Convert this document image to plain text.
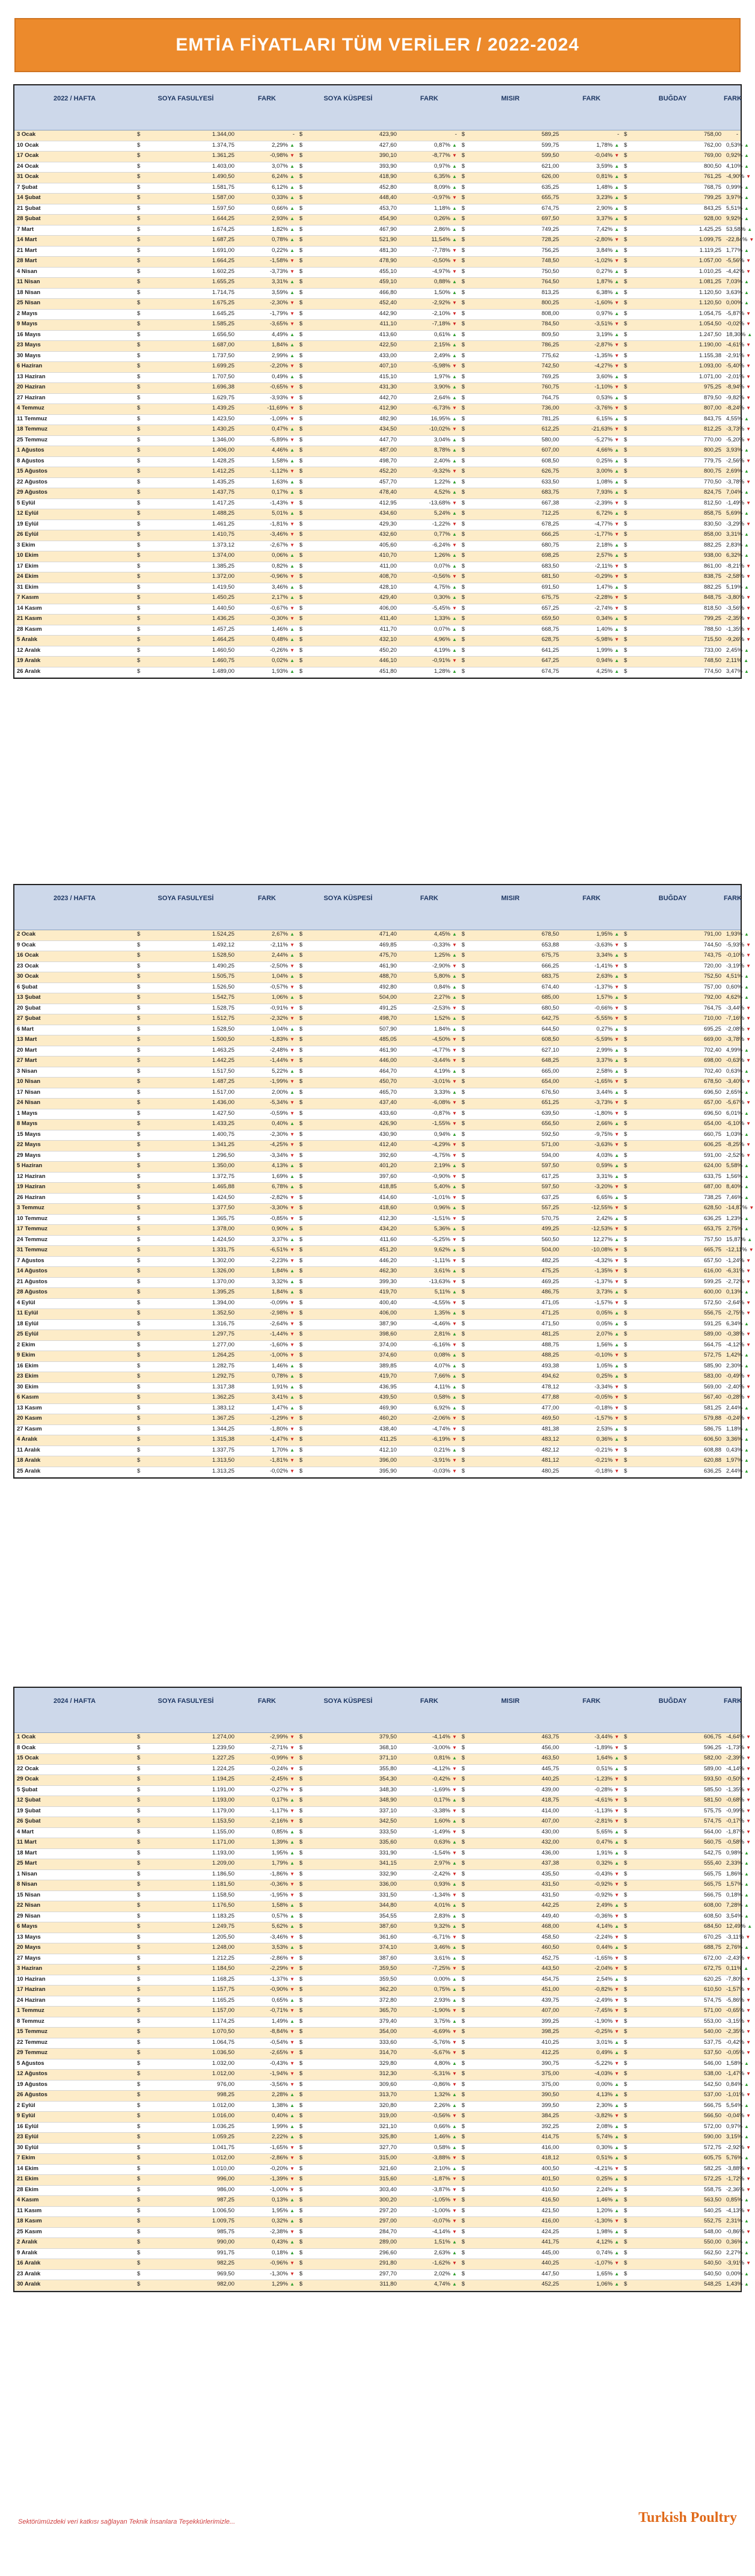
EMTİA FİYATLARI TÜM VERİLER / 2022-2024
2022 / HAFTA	SOYA FASULYESİ	FARK	SOYA KÜSPESİ	FARK	MISIR	FARK	BUĞDAY	FARK
3 Ocak	$	1.344,00	- $	423,90	- $	589,25	- $	758,00	-
10 Ocak	$	1.374,75	2,29% ▲ $	427,60	0,87% ▲ $	599,75	1,78% ▲ $	762,00 0,53% ▲
17 Ocak	$	1.361,25	-0,98% ▼ $	390,10	-8,77% ▼ $	599,50	-0,04% ▼ $	769,00 0,92% ▲
24 Ocak	$	1.403,00	3,07% ▲ $	393,90	0,97% ▲ $	621,00	3,59% ▲ $	800,50 4,10% ▲
31 Ocak	$	1.490,50	6,24% ▲ $	418,90	6,35% ▲ $	626,00	0,81% ▲ $	761,25 -4,90% ▼
7 Şubat	$	1.581,75	6,12% ▲ $	452,80	8,09% ▲ $	635,25	1,48% ▲ $	768,75 0,99% ▲
14 Şubat	$	1.587,00	0,33% ▲ $	448,40	-0,97% ▼ $	655,75	3,23% ▲ $	799,25 3,97% ▲
21 Şubat	$	1.597,50	0,66% ▲ $	453,70	1,18% ▲ $	674,75	2,90% ▲ $	843,25 5,51% ▲
28 Şubat	$	1.644,25	2,93% ▲ $	454,90	0,26% ▲ $	697,50	3,37% ▲ $	928,00 9,92% ▲
7 Mart	$	1.674,25	1,82% ▲ $	467,90	2,86% ▲ $	749,25	7,42% ▲ $	1.425,25 53,58% ▲
14 Mart	$	1.687,25	0,78% ▲ $	521,90	11,54% ▲ $	728,25	-2,80% ▼ $	1.099,75 -22,84% ▼
21 Mart	$	1.691,00	0,22% ▲ $	481,30	-7,78% ▼ $	756,25	3,84% ▲ $	1.119,25 1,77% ▲
28 Mart	$	1.664,25	-1,58% ▼ $	478,90	-0,50% ▼ $	748,50	-1,02% ▼ $	1.057,00 -5,56% ▼
4 Nisan	$	1.602,25	-3,73% ▼ $	455,10	-4,97% ▼ $	750,50	0,27% ▲ $	1.010,25 -4,42% ▼
11 Nisan	$	1.655,25	3,31% ▲ $	459,10	0,88% ▲ $	764,50	1,87% ▲ $	1.081,25 7,03% ▲
18 Nisan	$	1.714,75	3,59% ▲ $	466,80	1,50% ▲ $	813,25	6,38% ▲ $	1.120,50 3,63% ▲
25 Nisan	$	1.675,25	-2,30% ▼ $	452,40	-2,92% ▼ $	800,25	-1,60% ▼ $	1.120,50 0,00% ▲
2 Mayıs	$	1.645,25	-1,79% ▼ $	442,90	-2,10% ▼ $	808,00	0,97% ▲ $	1.054,75 -5,87% ▼
9 Mayıs	$	1.585,25	-3,65% ▼ $	411,10	-7,18% ▼ $	784,50	-3,51% ▼ $	1.054,50 -0,02% ▼
16 Mayıs	$	1.656,50	4,49% ▲ $	413,60	0,61% ▲ $	809,50	3,19% ▲ $	1.247,50 18,30% ▲
23 Mayıs	$	1.687,00	1,84% ▲ $	422,50	2,15% ▲ $	786,25	-2,87% ▼ $	1.190,00 -4,61% ▼
30 Mayıs	$	1.737,50	2,99% ▲ $	433,00	2,49% ▲ $	775,62	-1,35% ▼ $	1.155,38 -2,91% ▼
6 Haziran	$	1.699,25	-2,20% ▼ $	407,10	-5,98% ▼ $	742,50	-4,27% ▼ $	1.093,00 -5,40% ▼
13 Haziran	$	1.707,50	0,49% ▲ $	415,10	1,97% ▲ $	769,25	3,60% ▲ $	1.071,00 -2,01% ▼
20 Haziran	$	1.696,38	-0,65% ▼ $	431,30	3,90% ▲ $	760,75	-1,10% ▼ $	975,25 -8,94% ▼
27 Haziran	$	1.629,75	-3,93% ▼ $	442,70	2,64% ▲ $	764,75	0,53% ▲ $	879,50 -9,82% ▼
4 Temmuz	$	1.439,25	-11,69% ▼ $	412,90	-6,73% ▼ $	736,00	-3,76% ▼ $	807,00 -8,24% ▼
11 Temmuz	$	1.423,50	-1,09% ▼ $	482,90	16,95% ▲ $	781,25	6,15% ▲ $	843,75 4,55% ▲
18 Temmuz	$	1.430,25	0,47% ▲ $	434,50	-10,02% ▼ $	612,25	-21,63% ▼ $	812,25 -3,73% ▼
25 Temmuz	$	1.346,00	-5,89% ▼ $	447,70	3,04% ▲ $	580,00	-5,27% ▼ $	770,00 -5,20% ▼
1 Ağustos	$	1.406,00	4,46% ▲ $	487,00	8,78% ▲ $	607,00	4,66% ▲ $	800,25 3,93% ▲
8 Ağustos	$	1.428,25	1,58% ▲ $	498,70	2,40% ▲ $	608,50	0,25% ▲ $	779,75 -2,56% ▼
15 Ağustos	$	1.412,25	-1,12% ▼ $	452,20	-9,32% ▼ $	626,75	3,00% ▲ $	800,75 2,69% ▲
22 Ağustos	$	1.435,25	1,63% ▲ $	457,70	1,22% ▲ $	633,50	1,08% ▲ $	770,50 -3,78% ▼
29 Ağustos	$	1.437,75	0,17% ▲ $	478,40	4,52% ▲ $	683,75	7,93% ▲ $	824,75 7,04% ▲
5 Eylül	$	1.417,25	-1,43% ▼ $	412,95	-13,68% ▼ $	667,38	-2,39% ▼ $	812,50 -1,49% ▼
12 Eylül	$	1.488,25	5,01% ▲ $	434,60	5,24% ▲ $	712,25	6,72% ▲ $	858,75 5,69% ▲
19 Eylül	$	1.461,25	-1,81% ▼ $	429,30	-1,22% ▼ $	678,25	-4,77% ▼ $	830,50 -3,29% ▼
26 Eylül	$	1.410,75	-3,46% ▼ $	432,60	0,77% ▲ $	666,25	-1,77% ▼ $	858,00 3,31% ▲
3 Ekim	$	1.373,12	-2,67% ▼ $	405,60	-6,24% ▼ $	680,75	2,18% ▲ $	882,25 2,83% ▲
10 Ekim	$	1.374,00	0,06% ▲ $	410,70	1,26% ▲ $	698,25	2,57% ▲ $	938,00 6,32% ▲
17 Ekim	$	1.385,25	0,82% ▲ $	411,00	0,07% ▲ $	683,50	-2,11% ▼ $	861,00 -8,21% ▼
24 Ekim	$	1.372,00	-0,96% ▼ $	408,70	-0,56% ▼ $	681,50	-0,29% ▼ $	838,75 -2,58% ▼
31 Ekim	$	1.419,50	3,46% ▲ $	428,10	4,75% ▲ $	691,50	1,47% ▲ $	882,25 5,19% ▲
7 Kasım	$	1.450,25	2,17% ▲ $	429,40	0,30% ▲ $	675,75	-2,28% ▼ $	848,75 -3,80% ▼
14 Kasım	$	1.440,50	-0,67% ▼ $	406,00	-5,45% ▼ $	657,25	-2,74% ▼ $	818,50 -3,56% ▼
21 Kasım	$	1.436,25	-0,30% ▼ $	411,40	1,33% ▲ $	659,50	0,34% ▲ $	799,25 -2,35% ▼
28 Kasım	$	1.457,25	1,46% ▲ $	411,70	0,07% ▲ $	668,75	1,40% ▲ $	788,50 -1,35% ▼
5 Aralık	$	1.464,25	0,48% ▲ $	432,10	4,96% ▲ $	628,75	-5,98% ▼ $	715,50 -9,26% ▼
12 Aralık	$	1.460,50	-0,26% ▼ $	450,20	4,19% ▲ $	641,25	1,99% ▲ $	733,00 2,45% ▲
19 Aralık	$	1.460,75	0,02% ▲ $	446,10	-0,91% ▼ $	647,25	0,94% ▲ $	748,50 2,11% ▲
26 Aralık	$	1.489,00	1,93% ▲ $	451,80	1,28% ▲ $	674,75	4,25% ▲ $	774,50 3,47% ▲
2023 / HAFTA	SOYA FASULYESİ	FARK	SOYA KÜSPESİ	FARK	MISIR	FARK	BUĞDAY	FARK
2 Ocak	$	1.524,25	2,67% ▲ $	471,40	4,45% ▲ $	678,50	1,95% ▲ $	791,00 1,93% ▲
9 Ocak	$	1.492,12	-2,11% ▼ $	469,85	-0,33% ▼ $	653,88	-3,63% ▼ $	744,50 -5,93% ▼
16 Ocak	$	1.528,50	2,44% ▲ $	475,70	1,25% ▲ $	675,75	3,34% ▲ $	743,75 -0,10% ▼
23 Ocak	$	1.490,25	-2,50% ▼ $	461,90	-2,90% ▼ $	666,25	-1,41% ▼ $	720,00 -3,19% ▼
30 Ocak	$	1.505,75	1,04% ▲ $	488,70	5,80% ▲ $	683,75	2,63% ▲ $	752,50 4,51% ▲
6 Şubat	$	1.526,50	-0,57% ▼ $	492,80	0,84% ▲ $	674,40	-1,37% ▼ $	757,00 0,60% ▲
13 Şubat	$	1.542,75	1,06% ▲ $	504,00	2,27% ▲ $	685,00	1,57% ▲ $	792,00 4,62% ▲
20 Şubat	$	1.528,75	-0,91% ▼ $	491,25	-2,53% ▼ $	680,50	-0,66% ▼ $	764,75 -3,44% ▼
27 Şubat	$	1.512,75	-2,32% ▼ $	498,70	1,52% ▲ $	642,75	-5,55% ▼ $	710,00 -7,16% ▼
6 Mart	$	1.528,50	1,04% ▲ $	507,90	1,84% ▲ $	644,50	0,27% ▲ $	695,25 -2,08% ▼
13 Mart	$	1.500,50	-1,83% ▼ $	485,05	-4,50% ▼ $	608,50	-5,59% ▼ $	669,00 -3,78% ▼
20 Mart	$	1.463,25	-2,48% ▼ $	461,90	-4,77% ▼ $	627,10	2,99% ▲ $	702,40 4,99% ▲
27 Mart	$	1.442,25	-1,44% ▼ $	446,00	-3,44% ▼ $	648,25	3,37% ▲ $	698,00 -0,63% ▼
3 Nisan	$	1.517,50	5,22% ▲ $	464,70	4,19% ▲ $	665,00	2,58% ▲ $	702,40 0,63% ▲
10 Nisan	$	1.487,25	-1,99% ▼ $	450,70	-3,01% ▼ $	654,00	-1,65% ▼ $	678,50 -3,40% ▼
17 Nisan	$	1.517,00	2,00% ▲ $	465,70	3,33% ▲ $	676,50	3,44% ▲ $	696,50 2,65% ▲
24 Nisan	$	1.436,00	-5,34% ▼ $	437,40	-6,08% ▼ $	651,25	-3,73% ▼ $	657,00 -5,67% ▼
1 Mayıs	$	1.427,50	-0,59% ▼ $	433,60	-0,87% ▼ $	639,50	-1,80% ▼ $	696,50 6,01% ▲
8 Mayıs	$	1.433,25	0,40% ▲ $	426,90	-1,55% ▼ $	656,50	2,66% ▲ $	654,00 -6,10% ▼
15 Mayıs	$	1.400,75	-2,30% ▼ $	430,90	0,94% ▲ $	592,50	-9,75% ▼ $	660,75 1,03% ▲
22 Mayıs	$	1.341,25	-4,25% ▼ $	412,40	-4,29% ▼ $	571,00	-3,63% ▼ $	606,25 -8,25% ▼
29 Mayıs	$	1.296,50	-3,34% ▼ $	392,60	-4,75% ▼ $	594,00	4,03% ▲ $	591,00 -2,52% ▼
5 Haziran	$	1.350,00	4,13% ▲ $	401,20	2,19% ▲ $	597,50	0,59% ▲ $	624,00 5,58% ▲
12 Haziran	$	1.372,75	1,69% ▲ $	397,60	-0,90% ▼ $	617,25	3,31% ▲ $	633,75 1,56% ▲
19 Haziran	$	1.465,88	6,78% ▲ $	418,85	5,40% ▲ $	597,50	-3,20% ▼ $	687,00 8,40% ▲
26 Haziran	$	1.424,50	-2,82% ▼ $	414,60	-1,01% ▼ $	637,25	6,65% ▲ $	738,25 7,46% ▲
3 Temmuz	$	1.377,50	-3,30% ▼ $	418,60	0,96% ▲ $	557,25	-12,55% ▼ $	628,50 -14,87% ▼
10 Temmuz	$	1.365,75	-0,85% ▼ $	412,30	-1,51% ▼ $	570,75	2,42% ▲ $	636,25 1,23% ▲
17 Temmuz	$	1.378,00	0,90% ▲ $	434,20	5,36% ▲ $	499,25	-12,53% ▼ $	653,75 2,75% ▲
24 Temmuz	$	1.424,50	3,37% ▲ $	411,60	-5,25% ▼ $	560,50	12,27% ▲ $	757,50 15,87% ▲
31 Temmuz	$	1.331,75	-6,51% ▼ $	451,20	9,62% ▲ $	504,00	-10,08% ▼ $	665,75 -12,11% ▼
7 Ağustos	$	1.302,00	-2,23% ▼ $	446,20	-1,11% ▼ $	482,25	-4,32% ▼ $	657,50 -1,24% ▼
14 Ağustos	$	1.326,00	1,84% ▲ $	462,30	3,61% ▲ $	475,25	-1,35% ▼ $	616,00 -6,31% ▼
21 Ağustos	$	1.370,00	3,32% ▲ $	399,30	-13,63% ▼ $	469,25	-1,37% ▼ $	599,25 -2,72% ▼
28 Ağustos	$	1.395,25	1,84% ▲ $	419,70	5,11% ▲ $	486,75	3,73% ▲ $	600,00 0,13% ▲
4 Eylül	$	1.394,00	-0,09% ▼ $	400,40	-4,55% ▼ $	471,05	-1,57% ▼ $	572,50 -2,64% ▼
11 Eylül	$	1.352,50	-2,98% ▼ $	406,00	1,35% ▲ $	471,25	0,05% ▲ $	556,75 -2,75% ▼
18 Eylül	$	1.316,75	-2,64% ▼ $	387,90	-4,46% ▼ $	471,50	0,05% ▲ $	591,25 6,34% ▲
25 Eylül	$	1.297,75	-1,44% ▼ $	398,60	2,81% ▲ $	481,25	2,07% ▲ $	589,00 -0,38% ▼
2 Ekim	$	1.277,00	-1,60% ▼ $	374,00	-6,16% ▼ $	488,75	1,56% ▲ $	564,75 -4,12% ▼
9 Ekim	$	1.264,25	-1,00% ▼ $	374,60	0,08% ▲ $	488,25	-0,10% ▼ $	572,75 1,42% ▲
16 Ekim	$	1.282,75	1,46% ▲ $	389,85	4,07% ▲ $	493,38	1,05% ▲ $	585,90 2,30% ▲
23 Ekim	$	1.292,75	0,78% ▲ $	419,70	7,66% ▲ $	494,62	0,25% ▲ $	583,00 -0,49% ▼
30 Ekim	$	1.317,38	1,91% ▲ $	436,95	4,11% ▲ $	478,12	-3,34% ▼ $	569,00 -2,40% ▼
6 Kasım	$	1.362,25	3,41% ▲ $	439,50	0,58% ▲ $	477,88	-0,05% ▼ $	567,40 -0,28% ▼
13 Kasım	$	1.383,12	1,47% ▲ $	469,90	6,92% ▲ $	477,00	-0,18% ▼ $	581,25 2,44% ▲
20 Kasım	$	1.367,25	-1,29% ▼ $	460,20	-2,06% ▼ $	469,50	-1,57% ▼ $	579,88 -0,24% ▼
27 Kasım	$	1.344,25	-1,80% ▼ $	438,40	-4,74% ▼ $	481,38	2,53% ▲ $	586,75 1,18% ▲
4 Aralık	$	1.315,38	-1,47% ▼ $	411,25	-6,19% ▼ $	483,12	0,36% ▲ $	606,50 3,36% ▲
11 Aralık	$	1.337,75	1,70% ▲ $	412,10	0,21% ▲ $	482,12	-0,21% ▼ $	608,88 0,43% ▲
18 Aralık	$	1.313,50	-1,81% ▼ $	396,00	-3,91% ▼ $	481,12	-0,21% ▼ $	620,88 1,97% ▲
25 Aralık	$	1.313,25	-0,02% ▼ $	395,90	-0,03% ▼ $	480,25	-0,18% ▼ $	636,25 2,44% ▲
2024 / HAFTA	SOYA FASULYESİ	FARK	SOYA KÜSPESİ	FARK	MISIR	FARK	BUĞDAY	FARK
1 Ocak	$	1.274,00	-2,99% ▼ $	379,50	-4,14% ▼ $	463,75	-3,44% ▼ $	606,75 -4,64% ▼
8 Ocak	$	1.239,50	-2,71% ▼ $	368,10	-3,00% ▼ $	456,00	-1,89% ▼ $	596,25 -1,73% ▼
15 Ocak	$	1.227,25	-0,99% ▼ $	371,10	0,81% ▲ $	463,50	1,64% ▲ $	582,00 -2,39% ▼
22 Ocak	$	1.224,25	-0,24% ▼ $	355,80	-4,12% ▼ $	445,75	0,51% ▲ $	589,00 -4,14% ▼
29 Ocak	$	1.194,25	-2,45% ▼ $	354,30	-0,42% ▼ $	440,25	-1,23% ▼ $	593,50 -0,50% ▼
5 Şubat	$	1.191,00	-0,27% ▼ $	348,30	-1,69% ▼ $	439,00	-0,28% ▼ $	585,50 -1,35% ▼
12 Şubat	$	1.193,00	0,17% ▲ $	348,90	0,17% ▲ $	418,75	-4,61% ▼ $	581,50 -0,68% ▼
19 Şubat	$	1.179,00	-1,17% ▼ $	337,10	-3,38% ▼ $	414,00	-1,13% ▼ $	575,75 -0,99% ▼
26 Şubat	$	1.153,50	-2,16% ▼ $	342,50	1,60% ▲ $	407,00	-2,81% ▼ $	574,75 -0,17% ▼
4 Mart	$	1.155,00	0,85% ▲ $	333,50	-1,49% ▼ $	430,00	5,65% ▲ $	564,00 -1,87% ▼
11 Mart	$	1.171,00	1,39% ▲ $	335,60	0,63% ▲ $	432,00	0,47% ▲ $	560,75 -0,58% ▼
18 Mart	$	1.193,00	1,95% ▲ $	331,90	-1,54% ▼ $	436,00	1,91% ▲ $	542,75 0,98% ▲
25 Mart	$	1.209,00	1,79% ▲ $	341,15	2,97% ▲ $	437,38	0,32% ▲ $	555,40 2,33% ▲
1 Nisan	$	1.186,50	-1,86% ▼ $	332,90	-2,42% ▼ $	435,50	-0,43% ▼ $	565,75 1,86% ▲
8 Nisan	$	1.181,50	-0,36% ▼ $	336,00	0,93% ▲ $	431,50	-0,92% ▼ $	565,75 1,57% ▲
15 Nisan	$	1.158,50	-1,95% ▼ $	331,50	-1,34% ▼ $	431,50	-0,92% ▼ $	566,75 0,18% ▲
22 Nisan	$	1.176,50	1,58% ▲ $	344,80	4,01% ▲ $	442,25	2,49% ▲ $	608,00 7,28% ▲
29 Nisan	$	1.183,25	0,57% ▲ $	354,55	2,83% ▲ $	449,40	-0,36% ▼ $	608,50 3,54% ▲
6 Mayıs	$	1.249,75	5,62% ▲ $	387,60	9,32% ▲ $	468,00	4,14% ▲ $	684,50 12,49% ▲
13 Mayıs	$	1.205,50	-3,46% ▼ $	361,60	-6,71% ▼ $	458,50	-2,24% ▼ $	670,25 -3,11% ▼
20 Mayıs	$	1.248,00	3,53% ▲ $	374,10	3,46% ▲ $	460,50	0,44% ▲ $	688,75 2,76% ▲
27 Mayıs	$	1.212,25	-2,86% ▼ $	387,60	3,61% ▲ $	452,75	-1,65% ▼ $	672,00 -2,43% ▼
3 Haziran	$	1.184,50	-2,29% ▼ $	359,50	-7,25% ▼ $	443,50	-2,04% ▼ $	672,75 0,11% ▲
10 Haziran	$	1.168,25	-1,37% ▼ $	359,50	0,00% ▲ $	454,75	2,54% ▲ $	620,25 -7,80% ▼
17 Haziran	$	1.157,75	-0,90% ▼ $	362,20	0,75% ▲ $	451,00	-0,82% ▼ $	610,50 -1,57% ▼
24 Haziran	$	1.165,25	0,65% ▲ $	372,80	2,93% ▲ $	439,75	-2,49% ▼ $	574,75 -5,86% ▼
1 Temmuz	$	1.157,00	-0,71% ▼ $	365,70	-1,90% ▼ $	407,00	-7,45% ▼ $	571,00 -0,65% ▼
8 Temmuz	$	1.174,25	1,49% ▲ $	379,40	3,75% ▲ $	399,25	-1,90% ▼ $	553,00 -3,15% ▼
15 Temmuz	$	1.070,50	-8,84% ▼ $	354,00	-6,69% ▼ $	398,25	-0,25% ▼ $	540,00 -2,35% ▼
22 Temmuz	$	1.064,75	-0,54% ▼ $	333,60	-5,76% ▼ $	410,25	3,01% ▲ $	537,75 -0,42% ▼
29 Temmuz	$	1.036,50	-2,65% ▼ $	314,70	-5,67% ▼ $	412,25	0,49% ▲ $	537,50 -0,05% ▼
5 Ağustos	$	1.032,00	-0,43% ▼ $	329,80	4,80% ▲ $	390,75	-5,22% ▼ $	546,00 1,58% ▲
12 Ağustos	$	1.012,00	-1,94% ▼ $	312,30	-5,31% ▼ $	375,00	-4,03% ▼ $	538,00 -1,47% ▼
19 Ağustos	$	976,00	-3,56% ▼ $	309,60	-0,86% ▼ $	375,00	0,00% ▲ $	542,50 0,84% ▲
26 Ağustos	$	998,25	2,28% ▲ $	313,70	1,32% ▲ $	390,50	4,13% ▲ $	537,00 -1,01% ▼
2 Eylül	$	1.012,00	1,38% ▲ $	320,80	2,26% ▲ $	399,50	2,30% ▲ $	566,75 5,54% ▲
9 Eylül	$	1.016,00	0,40% ▲ $	319,00	-0,56% ▼ $	384,25	-3,82% ▼ $	566,50 -0,04% ▼
16 Eylül	$	1.036,25	1,99% ▲ $	321,10	0,66% ▲ $	392,25	2,08% ▲ $	572,00 0,97% ▲
23 Eylül	$	1.059,25	2,22% ▲ $	325,80	1,46% ▲ $	414,75	5,74% ▲ $	590,00 3,15% ▲
30 Eylül	$	1.041,75	-1,65% ▼ $	327,70	0,58% ▲ $	416,00	0,30% ▲ $	572,75 -2,92% ▼
7 Ekim	$	1.012,00	-2,86% ▼ $	315,00	-3,88% ▼ $	418,12	0,51% ▲ $	605,75 5,76% ▲
14 Ekim	$	1.010,00	-0,20% ▼ $	321,60	2,10% ▲ $	400,50	-4,21% ▼ $	582,25 -3,88% ▼
21 Ekim	$	996,00	-1,39% ▼ $	315,60	-1,87% ▼ $	401,50	0,25% ▲ $	572,25 -1,72% ▼
28 Ekim	$	986,00	-1,00% ▼ $	303,40	-3,87% ▼ $	410,50	2,24% ▲ $	558,75 -2,36% ▼
4 Kasım	$	987,25	0,13% ▲ $	300,20	-1,05% ▼ $	416,50	1,46% ▲ $	563,50 0,85% ▲
11 Kasım	$	1.006,50	1,95% ▲ $	297,20	-1,00% ▼ $	421,50	1,20% ▲ $	540,25 -4,13% ▼
18 Kasım	$	1.009,75	0,32% ▲ $	297,00	-0,07% ▼ $	416,00	-1,30% ▼ $	552,75 2,31% ▲
25 Kasım	$	985,75	-2,38% ▼ $	284,70	-4,14% ▼ $	424,25	1,98% ▲ $	548,00 -0,86% ▼
2 Aralık	$	990,00	0,43% ▲ $	289,00	1,51% ▲ $	441,75	4,12% ▲ $	550,00 0,36% ▲
9 Aralık	$	991,75	0,18% ▲ $	296,60	2,63% ▲ $	445,00	0,74% ▲ $	562,50 2,27% ▲
16 Aralık	$	982,25	-0,96% ▼ $	291,80	-1,62% ▼ $	440,25	-1,07% ▼ $	540,50 -3,91% ▼
23 Aralık	$	969,50	-1,30% ▼ $	297,70	2,02% ▲ $	447,50	1,65% ▲ $	540,50 0,00% ▲
30 Aralık	$	982,00	1,29% ▲ $	311,80	4,74% ▲ $	452,25	1,06% ▲ $	548,25 1,43% ▲
Sektörümüzdeki veri katkısı sağlayan Teknik İnsanlara Teşekkürlerimizle...	Turkish Poultry
